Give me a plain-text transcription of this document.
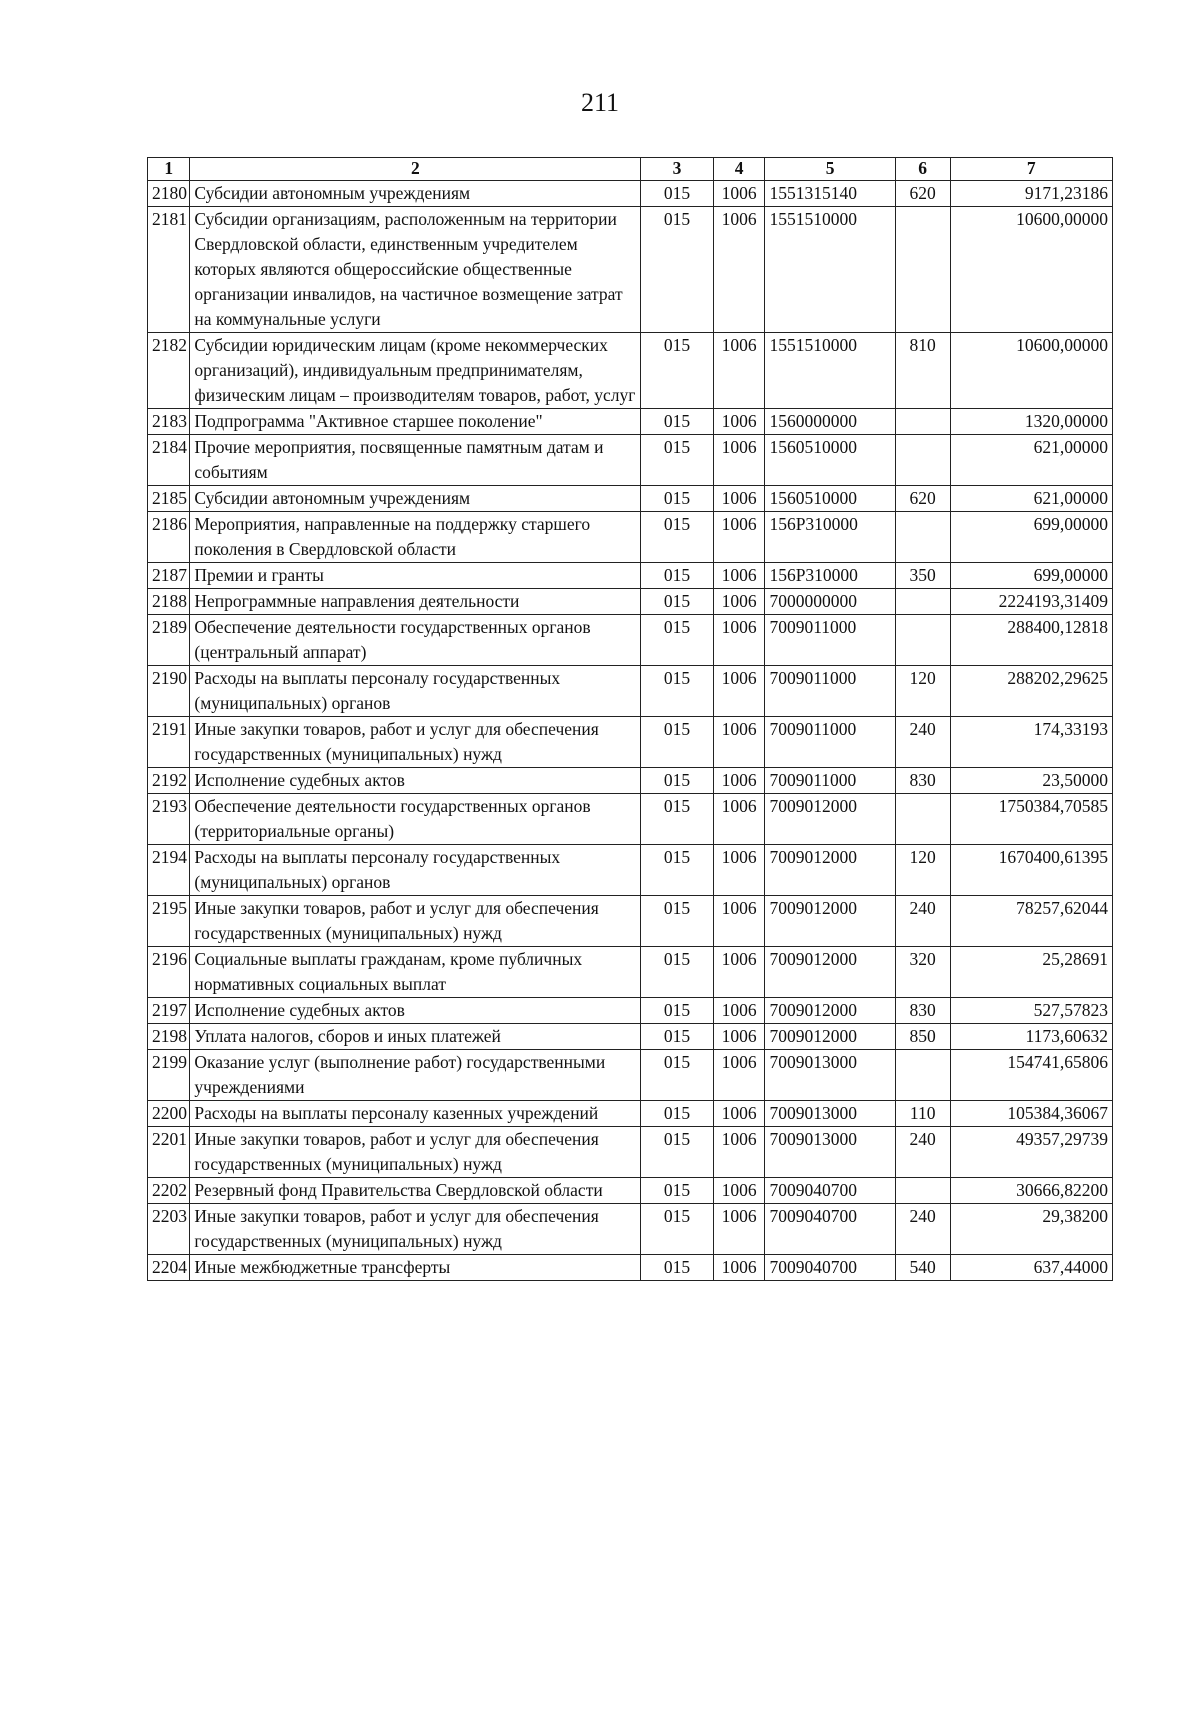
211
1	2	3	4	5	6	7
2180	Субсидии автономным учреждениям	015	1006	1551315140	620	9171,23186
2181	Субсидии организациям, расположенным на территории Свердловской области, единственным учредителем которых являются общероссийские общественные организации инвалидов, на частичное возмещение затрат на коммунальные услуги	015	1006	1551510000		10600,00000
2182	Субсидии юридическим лицам (кроме некоммерческих организаций), индивидуальным предпринимателям, физическим лицам – производителям товаров, работ, услуг	015	1006	1551510000	810	10600,00000
2183	Подпрограмма "Активное старшее поколение"	015	1006	1560000000		1320,00000
2184	Прочие мероприятия, посвященные памятным датам и событиям	015	1006	1560510000		621,00000
2185	Субсидии автономным учреждениям	015	1006	1560510000	620	621,00000
2186	Мероприятия, направленные на поддержку старшего поколения в Свердловской области	015	1006	156P310000		699,00000
2187	Премии и гранты	015	1006	156P310000	350	699,00000
2188	Непрограммные направления деятельности	015	1006	7000000000		2224193,31409
2189	Обеспечение деятельности государственных органов (центральный аппарат)	015	1006	7009011000		288400,12818
2190	Расходы на выплаты персоналу государственных (муниципальных) органов	015	1006	7009011000	120	288202,29625
2191	Иные закупки товаров, работ и услуг для обеспечения государственных (муниципальных) нужд	015	1006	7009011000	240	174,33193
2192	Исполнение судебных актов	015	1006	7009011000	830	23,50000
2193	Обеспечение деятельности государственных органов (территориальные органы)	015	1006	7009012000		1750384,70585
2194	Расходы на выплаты персоналу государственных (муниципальных) органов	015	1006	7009012000	120	1670400,61395
2195	Иные закупки товаров, работ и услуг для обеспечения государственных (муниципальных) нужд	015	1006	7009012000	240	78257,62044
2196	Социальные выплаты гражданам, кроме публичных нормативных социальных выплат	015	1006	7009012000	320	25,28691
2197	Исполнение судебных актов	015	1006	7009012000	830	527,57823
2198	Уплата налогов, сборов и иных платежей	015	1006	7009012000	850	1173,60632
2199	Оказание услуг (выполнение работ) государственными учреждениями	015	1006	7009013000		154741,65806
2200	Расходы на выплаты персоналу казенных учреждений	015	1006	7009013000	110	105384,36067
2201	Иные закупки товаров, работ и услуг для обеспечения государственных (муниципальных) нужд	015	1006	7009013000	240	49357,29739
2202	Резервный фонд Правительства Свердловской области	015	1006	7009040700		30666,82200
2203	Иные закупки товаров, работ и услуг для обеспечения государственных (муниципальных) нужд	015	1006	7009040700	240	29,38200
2204	Иные межбюджетные трансферты	015	1006	7009040700	540	637,44000
